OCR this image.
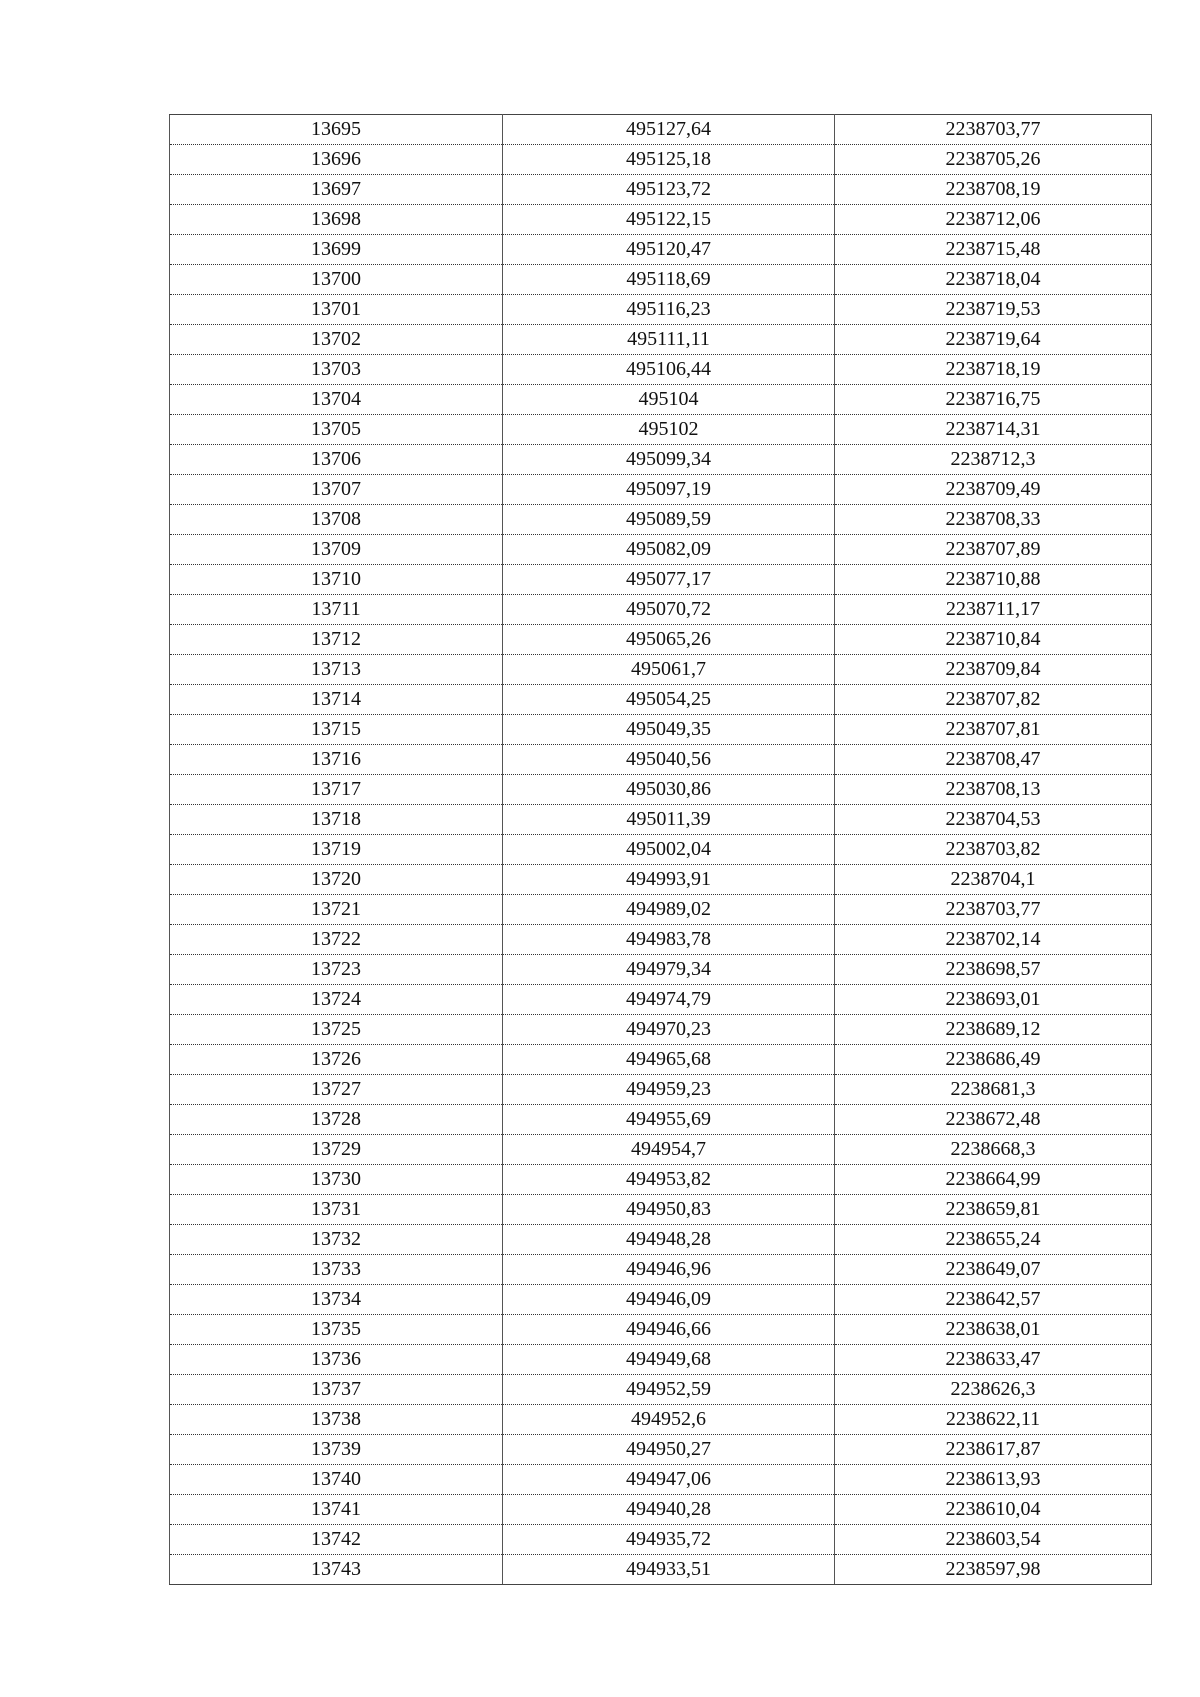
13695	495127,64	2238703,77
13696	495125,18	2238705,26
13697	495123,72	2238708,19
13698	495122,15	2238712,06
13699	495120,47	2238715,48
13700	495118,69	2238718,04
13701	495116,23	2238719,53
13702	495111,11	2238719,64
13703	495106,44	2238718,19
13704	495104	2238716,75
13705	495102	2238714,31
13706	495099,34	2238712,3
13707	495097,19	2238709,49
13708	495089,59	2238708,33
13709	495082,09	2238707,89
13710	495077,17	2238710,88
13711	495070,72	2238711,17
13712	495065,26	2238710,84
13713	495061,7	2238709,84
13714	495054,25	2238707,82
13715	495049,35	2238707,81
13716	495040,56	2238708,47
13717	495030,86	2238708,13
13718	495011,39	2238704,53
13719	495002,04	2238703,82
13720	494993,91	2238704,1
13721	494989,02	2238703,77
13722	494983,78	2238702,14
13723	494979,34	2238698,57
13724	494974,79	2238693,01
13725	494970,23	2238689,12
13726	494965,68	2238686,49
13727	494959,23	2238681,3
13728	494955,69	2238672,48
13729	494954,7	2238668,3
13730	494953,82	2238664,99
13731	494950,83	2238659,81
13732	494948,28	2238655,24
13733	494946,96	2238649,07
13734	494946,09	2238642,57
13735	494946,66	2238638,01
13736	494949,68	2238633,47
13737	494952,59	2238626,3
13738	494952,6	2238622,11
13739	494950,27	2238617,87
13740	494947,06	2238613,93
13741	494940,28	2238610,04
13742	494935,72	2238603,54
13743	494933,51	2238597,98
